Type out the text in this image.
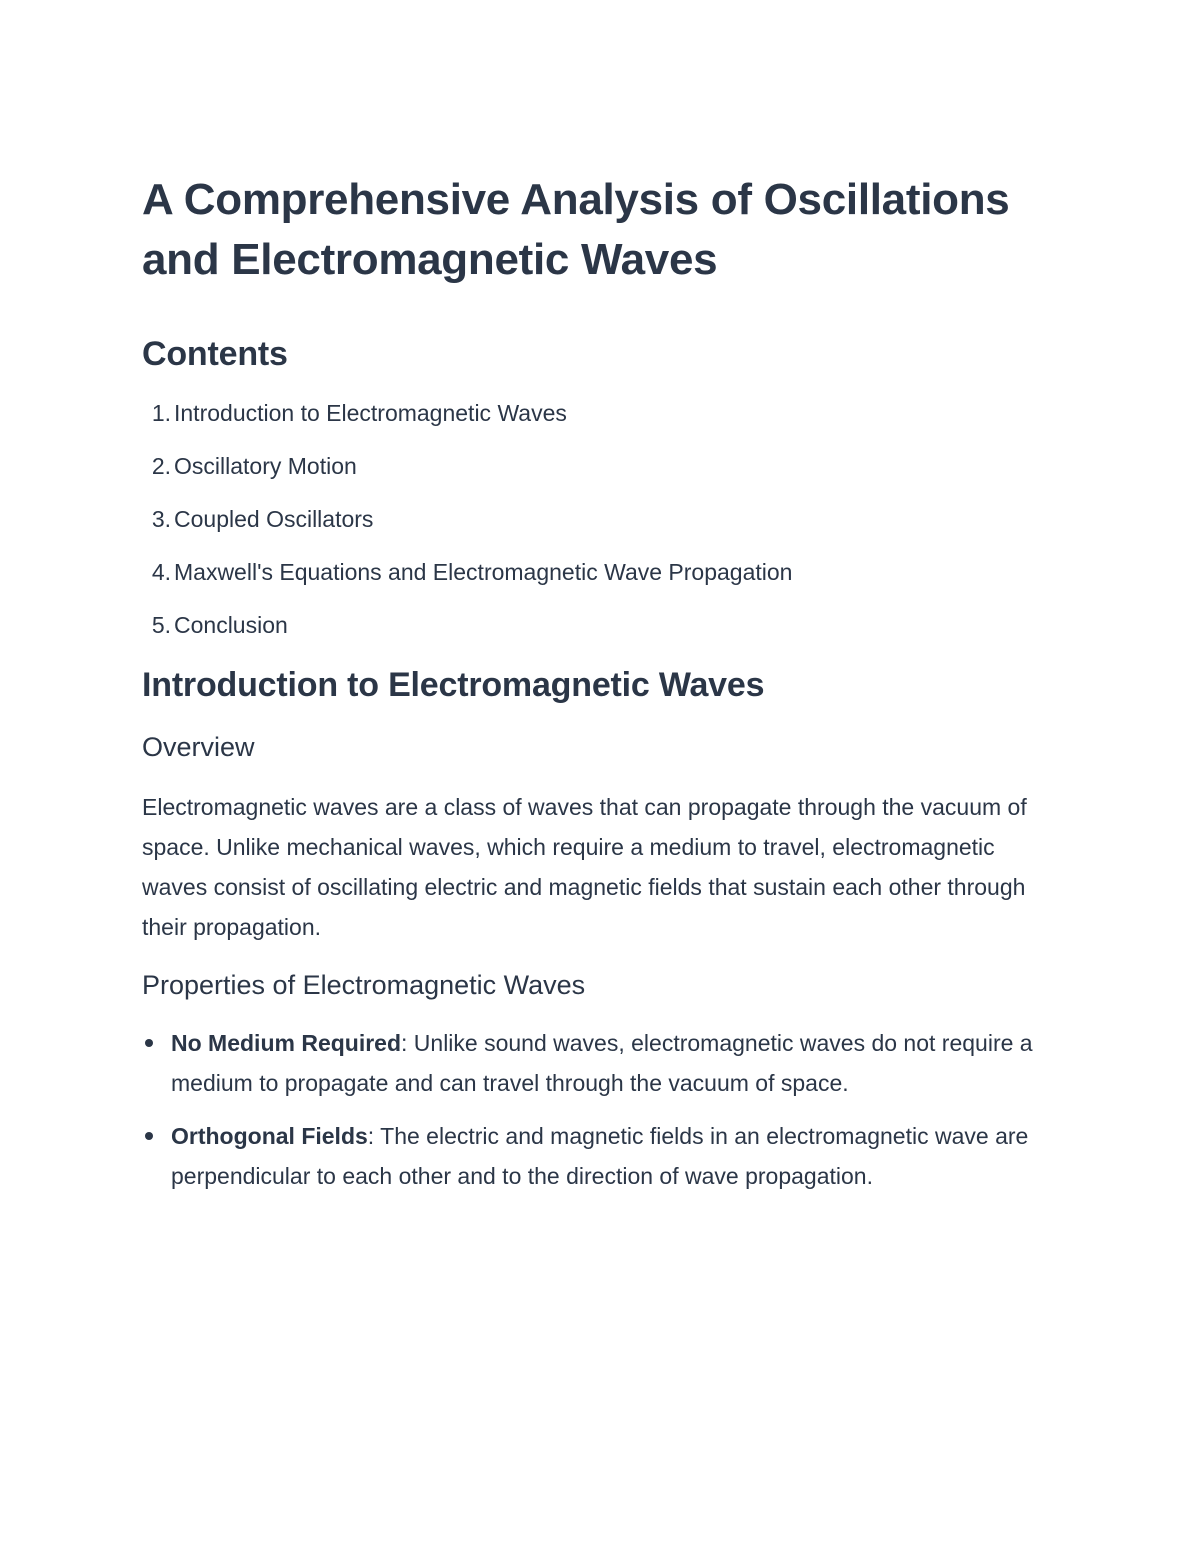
A Comprehensive Analysis of Oscillations and Electromagnetic Waves
Contents
1 . Introduction to Electromagnetic Waves
2 . Oscillatory Motion
3 . Coupled Oscillators
4 . Maxwell's Equations and Electromagnetic Wave Propagation
5 . Conclusion
Introduction to Electromagnetic Waves
Overview

Electromagnetic waves are a class of waves that can propagate through the vacuum of space. Unlike mechanical waves, which require a medium to travel, electromagnetic waves consist of oscillating electric and magnetic fields that sustain each other through their propagation.

Properties of Electromagnetic Waves
No Medium Required: Unlike sound waves, electromagnetic waves do not require a medium to propagate and can travel through the vacuum of space.
Orthogonal Fields: The electric and magnetic fields in an electromagnetic wave are perpendicular to each other and to the direction of wave propagation.
